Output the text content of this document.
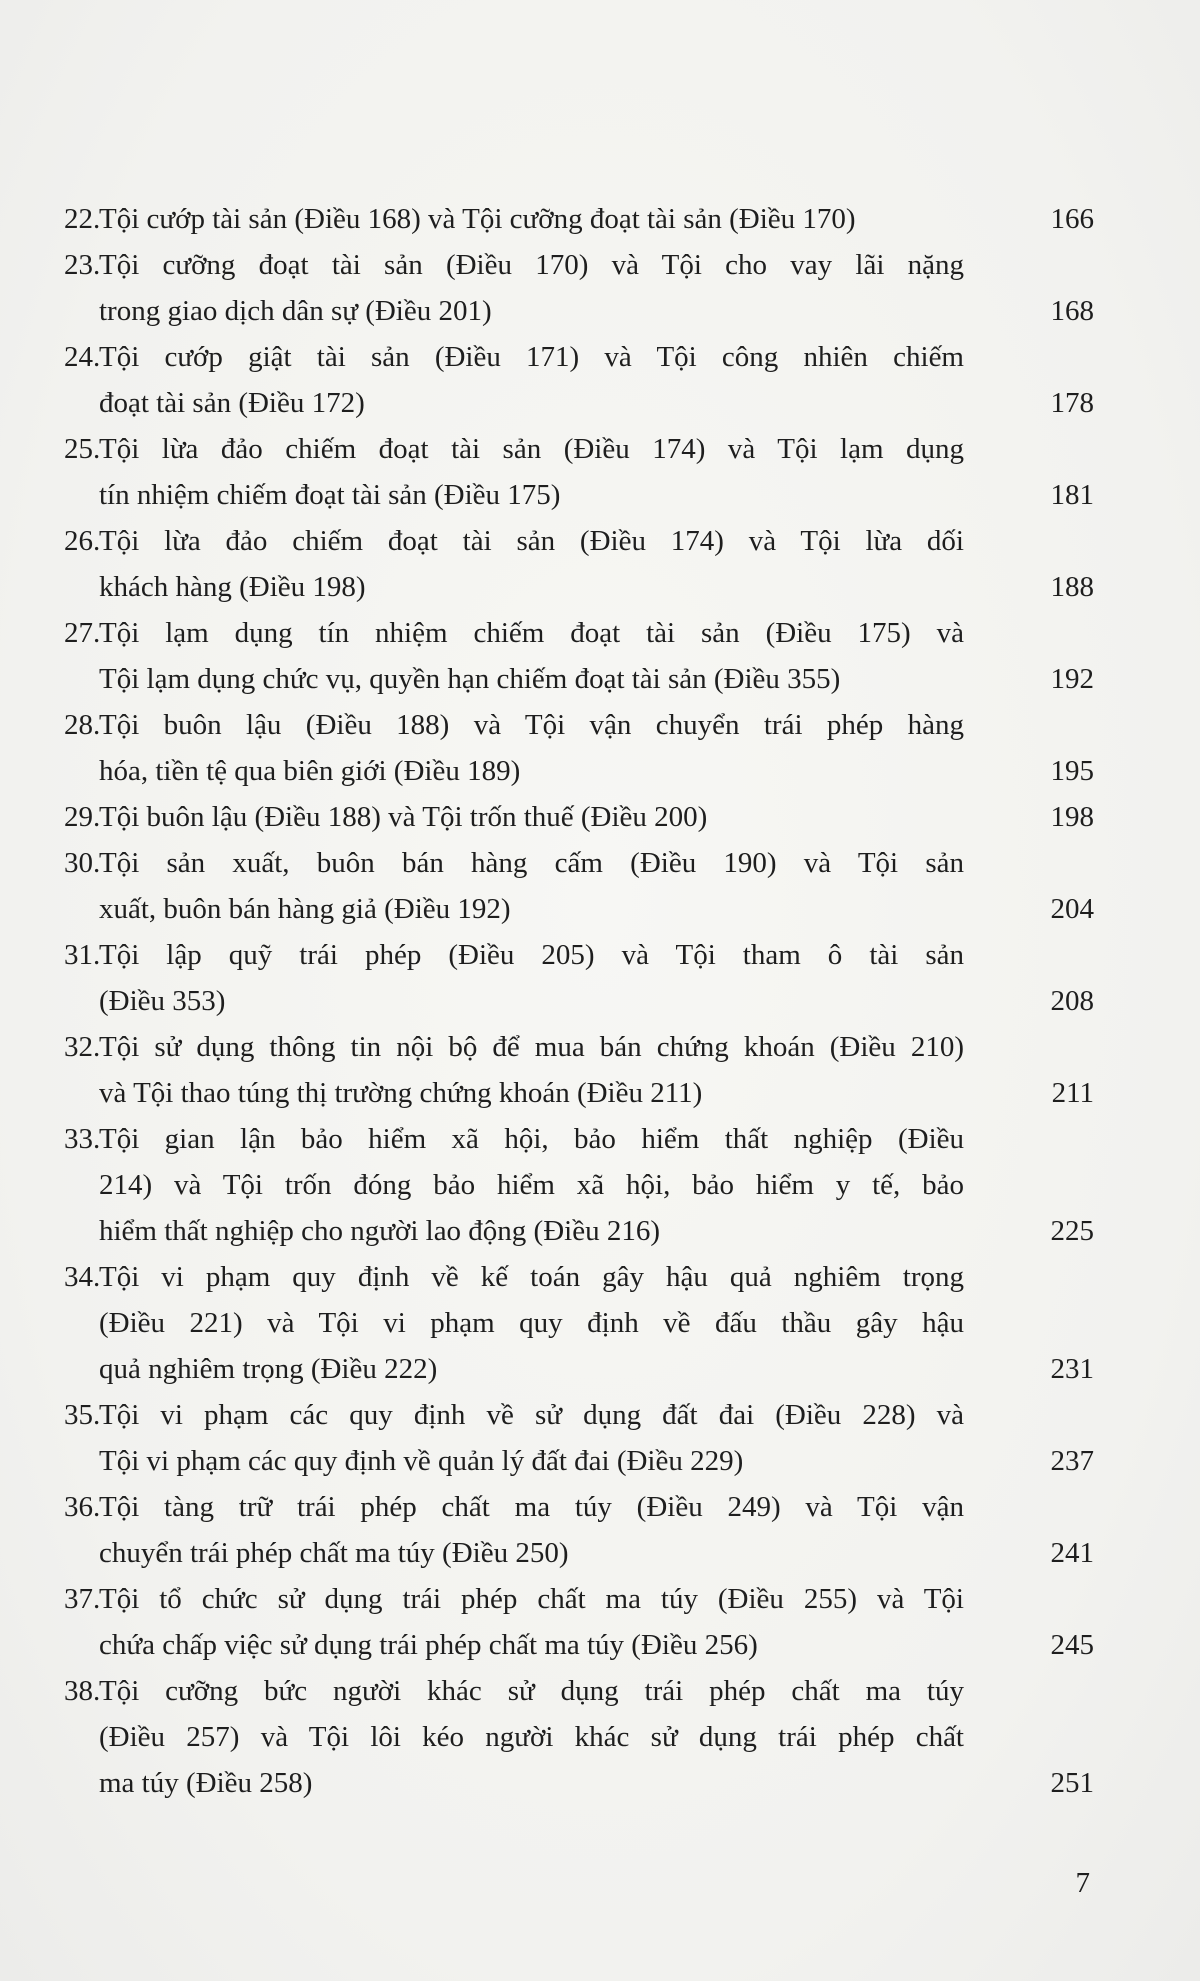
22.Tội cướp tài sản (Điều 168) và Tội cưỡng đoạt tài sản (Điều 170)	166
23.Tội cưỡng đoạt tài sản (Điều 170) và Tội cho vay lãi nặng
trong giao dịch dân sự (Điều 201)	168
24.Tội cướp giật tài sản (Điều 171) và Tội công nhiên chiếm
đoạt tài sản (Điều 172)	178
25.Tội lừa đảo chiếm đoạt tài sản (Điều 174) và Tội lạm dụng
tín nhiệm chiếm đoạt tài sản (Điều 175)	181
26.Tội lừa đảo chiếm đoạt tài sản (Điều 174) và Tội lừa dối
khách hàng (Điều 198)	188
27.Tội lạm dụng tín nhiệm chiếm đoạt tài sản (Điều 175) và
Tội lạm dụng chức vụ, quyền hạn chiếm đoạt tài sản (Điều 355)	192
28.Tội buôn lậu (Điều 188) và Tội vận chuyển trái phép hàng
hóa, tiền tệ qua biên giới (Điều 189)	195
29.Tội buôn lậu (Điều 188) và Tội trốn thuế (Điều 200)	198
30.Tội sản xuất, buôn bán hàng cấm (Điều 190) và Tội sản
xuất, buôn bán hàng giả (Điều 192)	204
31.Tội lập quỹ trái phép (Điều 205) và Tội tham ô tài sản
(Điều 353)	208
32.Tội sử dụng thông tin nội bộ để mua bán chứng khoán (Điều 210)
và Tội thao túng thị trường chứng khoán (Điều 211)	211
33.Tội gian lận bảo hiểm xã hội, bảo hiểm thất nghiệp (Điều
214) và Tội trốn đóng bảo hiểm xã hội, bảo hiểm y tế, bảo
hiểm thất nghiệp cho người lao động (Điều 216)	225
34.Tội vi phạm quy định về kế toán gây hậu quả nghiêm trọng
(Điều 221) và Tội vi phạm quy định về đấu thầu gây hậu
quả nghiêm trọng (Điều 222)	231
35.Tội vi phạm các quy định về sử dụng đất đai (Điều 228) và
Tội vi phạm các quy định về quản lý đất đai (Điều 229)	237
36.Tội tàng trữ trái phép chất ma túy (Điều 249) và Tội vận
chuyển trái phép chất ma túy (Điều 250)	241
37.Tội tổ chức sử dụng trái phép chất ma túy (Điều 255) và Tội
chứa chấp việc sử dụng trái phép chất ma túy (Điều 256)	245
38.Tội cưỡng bức người khác sử dụng trái phép chất ma túy
(Điều 257) và Tội lôi kéo người khác sử dụng trái phép chất
ma túy (Điều 258)	251
7
